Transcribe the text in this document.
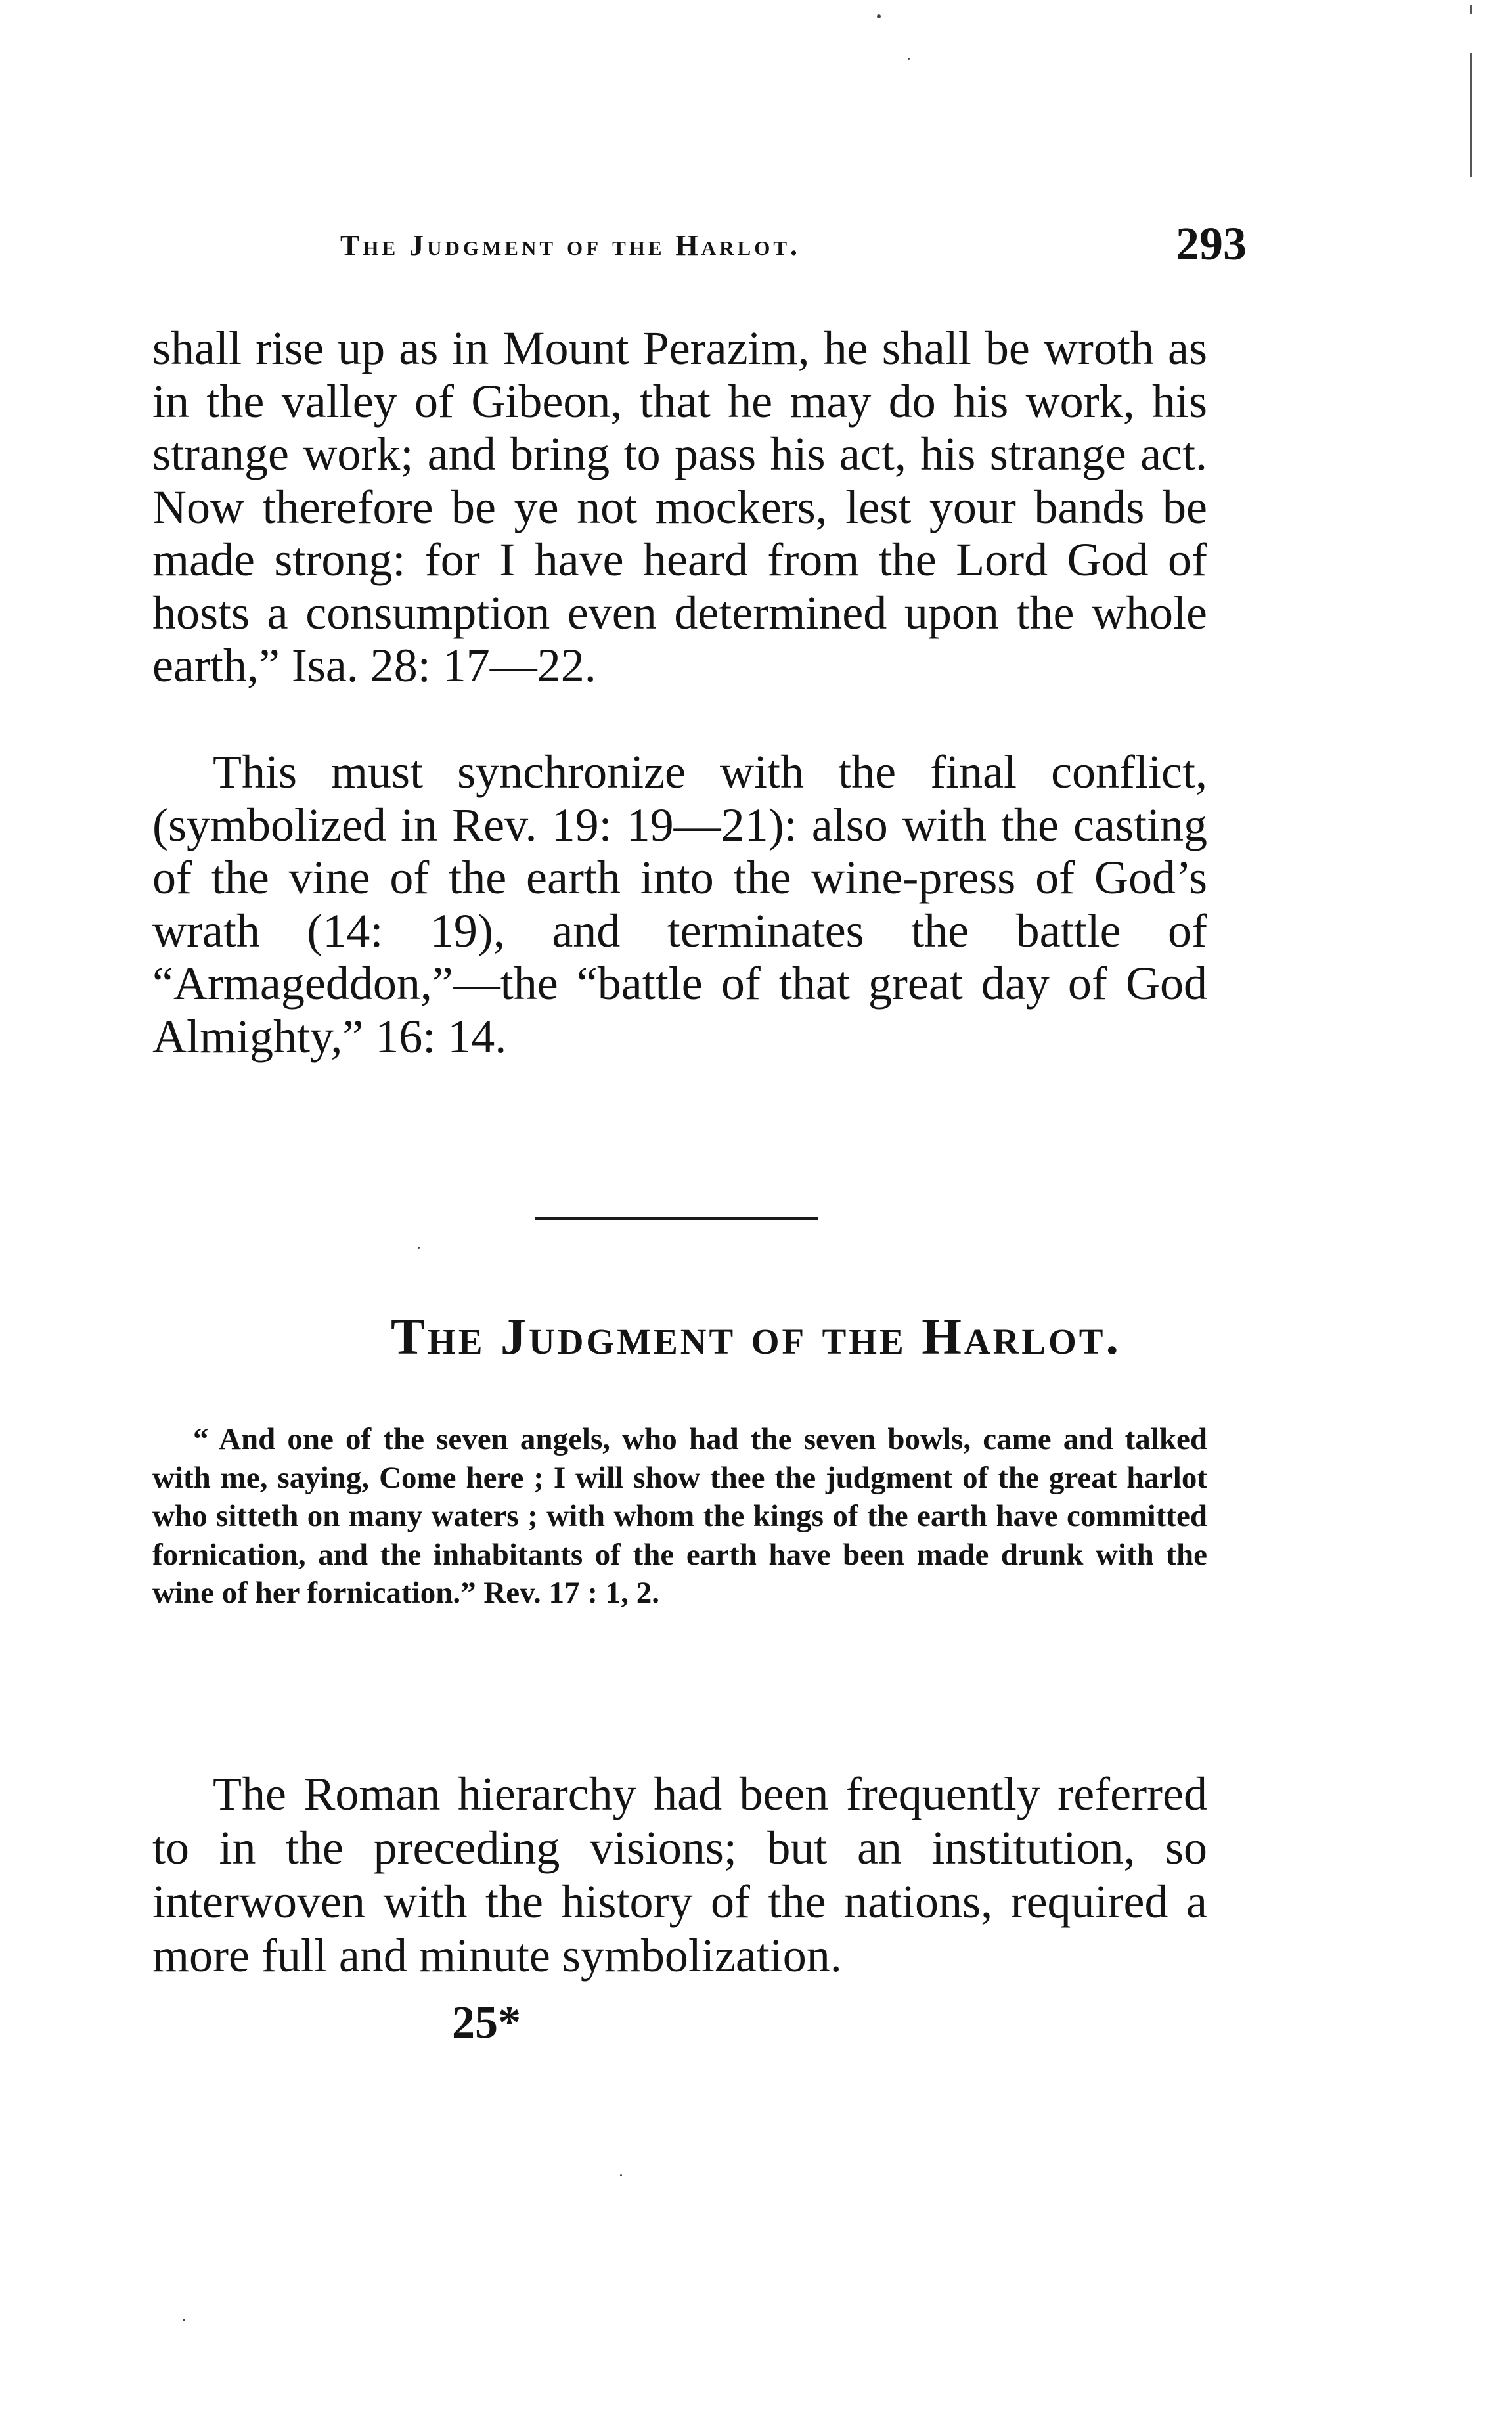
The Judgment of the Harlot.	293

shall rise up as in Mount Perazim, he shall be wroth as in the valley of Gibeon, that he may do his work, his strange work; and bring to pass his act, his strange act. Now therefore be ye not mockers, lest your bands be made strong: for I have heard from the Lord God of hosts a consumption even determined upon the whole earth,” Isa. 28: 17—22.

This must synchronize with the final conflict, (symbolized in Rev. 19: 19—21): also with the casting of the vine of the earth into the wine-press of God’s wrath (14: 19), and terminates the battle of “Armageddon,”—the “battle of that great day of God Almighty,” 16: 14.

The Judgment of the Harlot.

“ And one of the seven angels, who had the seven bowls, came and talked with me, saying, Come here ; I will show thee the judgment of the great harlot who sitteth on many waters ; with whom the kings of the earth have committed fornication, and the inhabitants of the earth have been made drunk with the wine of her fornication.” Rev. 17 : 1, 2.

The Roman hierarchy had been frequently referred to in the preceding visions; but an institution, so interwoven with the history of the nations, required a more full and minute symbolization.

25*
